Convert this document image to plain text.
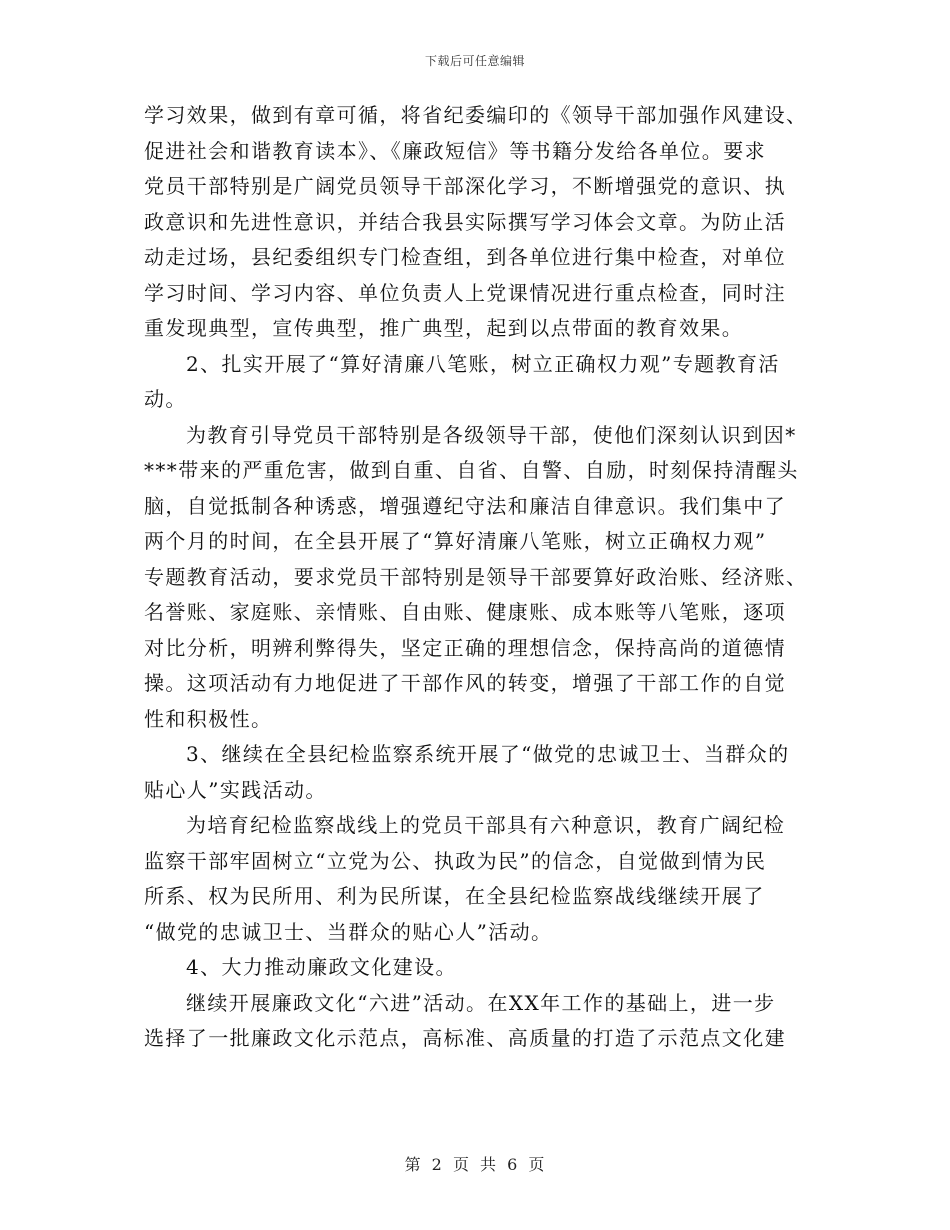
下载后可任意编辑
学习效果，做到有章可循，将省纪委编印的《领导干部加强作风建设、
促进社会和谐教育读本》、《廉政短信》等书籍分发给各单位。要求
党员干部特别是广阔党员领导干部深化学习，不断增强党的意识、执
政意识和先进性意识，并结合我县实际撰写学习体会文章。为防止活
动走过场，县纪委组织专门检查组，到各单位进行集中检查，对单位
学习时间、学习内容、单位负责人上党课情况进行重点检查，同时注
重发现典型，宣传典型，推广典型，起到以点带面的教育效果。
2、扎实开展了“算好清廉八笔账，树立正确权力观”专题教育活
动。
为教育引导党员干部特别是各级领导干部，使他们深刻认识到因*
***带来的严重危害，做到自重、自省、自警、自励，时刻保持清醒头
脑，自觉抵制各种诱惑，增强遵纪守法和廉洁自律意识。我们集中了
两个月的时间，在全县开展了“算好清廉八笔账，树立正确权力观”
专题教育活动，要求党员干部特别是领导干部要算好政治账、经济账、
名誉账、家庭账、亲情账、自由账、健康账、成本账等八笔账，逐项
对比分析，明辨利弊得失，坚定正确的理想信念，保持高尚的道德情
操。这项活动有力地促进了干部作风的转变，增强了干部工作的自觉
性和积极性。
3、继续在全县纪检监察系统开展了“做党的忠诚卫士、当群众的
贴心人”实践活动。
为培育纪检监察战线上的党员干部具有六种意识，教育广阔纪检
监察干部牢固树立“立党为公、执政为民”的信念，自觉做到情为民
所系、权为民所用、利为民所谋，在全县纪检监察战线继续开展了
“做党的忠诚卫士、当群众的贴心人”活动。
4、大力推动廉政文化建设。
继续开展廉政文化“六进”活动。在XX年工作的基础上，进一步
选择了一批廉政文化示范点，高标准、高质量的打造了示范点文化建
第 2 页 共 6 页
